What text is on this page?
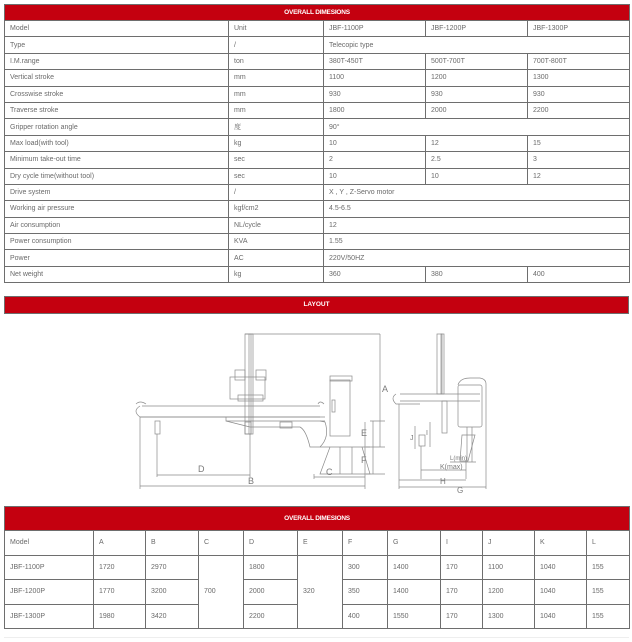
OVERALL DIMESIONS				
Model	Unit	JBF-1100P	JBF-1200P	JBF-1300P
Type	/	Telecopic type		
I.M.range	ton	380T-450T	500T-700T	700T-800T
Vertical stroke	mm	1100	1200	1300
Crosswise stroke	mm	930	930	930
Traverse stroke	mm	1800	2000	2200
Gripper rotation angle	度	90°		
Max load(with tool)	kg	10	12	15
Minimum take-out time	sec	2	2.5	3
Dry cycle time(without tool)	sec	10	10	12
Drive system	/	X , Y , Z-Servo motor		
Working air pressure	kgf/cm2	4.5-6.5		
Air consumption	NL/cycle	12		
Power consumption	KVA	1.55		
Power	AC	220V/50HZ		
Net weight	kg	360	380	400
LAYOUT
D
B
C
A
E
F
G
H
K(max)
L(min)
I
J
OVERALL DIMESIONS											
Model	A	B	C	D	E	F	G	I	J	K	L
JBF-1100P	1720	2970	700	1800	320	300	1400	170	1100	1040	155
JBF-1200P	1770	3200		2000		350	1400	170	1200	1040	155
JBF-1300P	1980	3420		2200		400	1550	170	1300	1040	155
